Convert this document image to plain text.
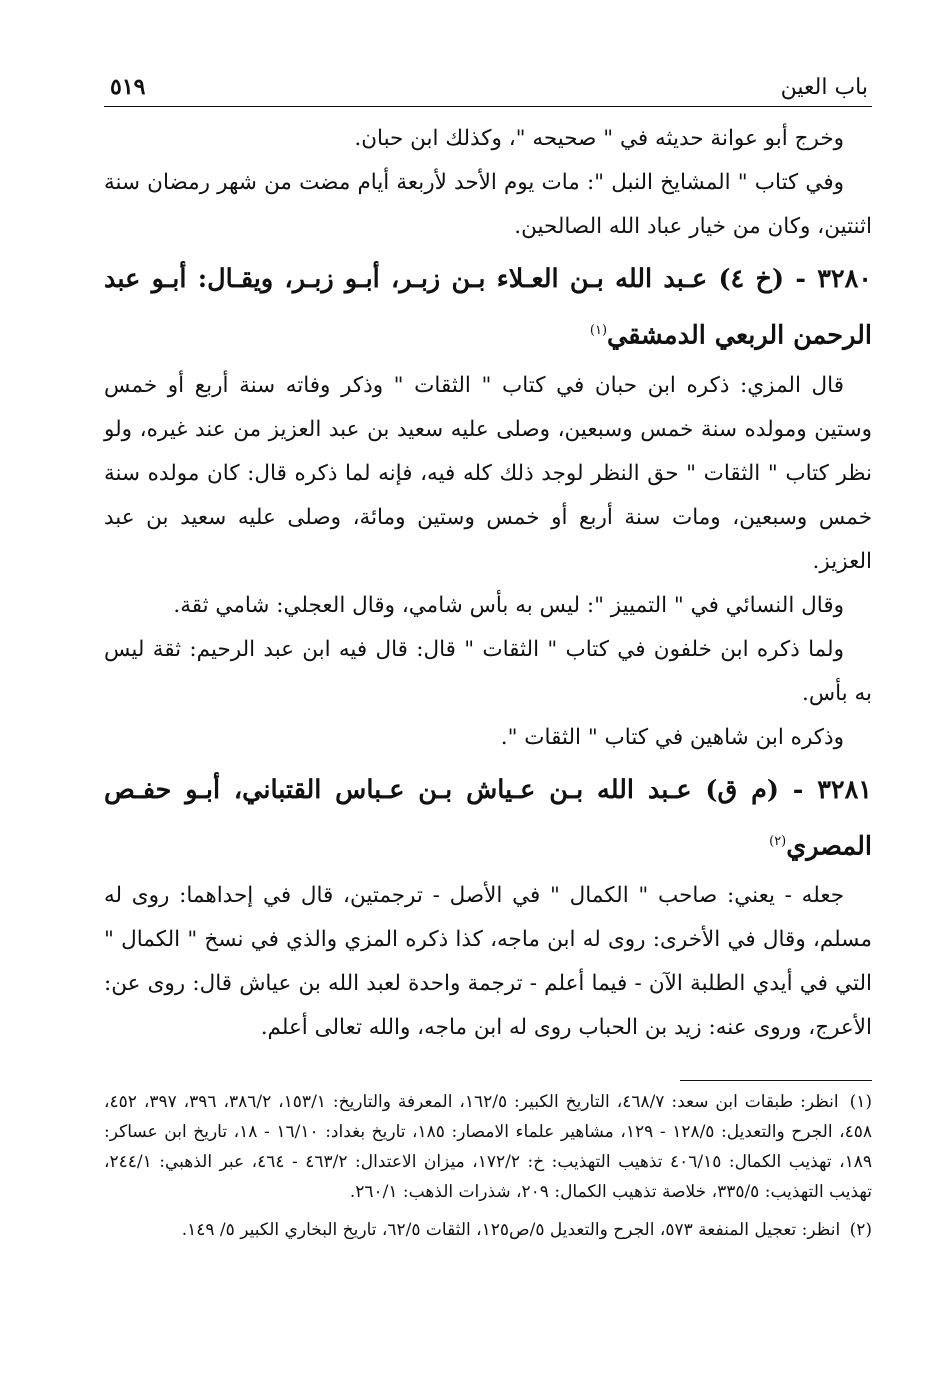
باب العين
٥١٩

وخرج أبو عوانة حديثه في " صحيحه "، وكذلك ابن حبان.

وفي كتاب " المشايخ النبل ": مات يوم الأحد لأربعة أيام مضت من شهر رمضان سنة اثنتين، وكان من خيار عباد الله الصالحين.

٣٢٨٠ - (خ ٤) عـبد الله بـن العـلاء بـن زبـر، أبـو زبـر، ويقـال: أبـو عبد الرحمن الربعي الدمشقي$^{(١)}$

قال المزي: ذكره ابن حبان في كتاب " الثقات " وذكر وفاته سنة أربع أو خمس وستين ومولده سنة خمس وسبعين، وصلى عليه سعيد بن عبد العزيز من عند غيره، ولو نظر كتاب " الثقات " حق النظر لوجد ذلك كله فيه، فإنه لما ذكره قال: كان مولده سنة خمس وسبعين، ومات سنة أربع أو خمس وستين ومائة، وصلى عليه سعيد بن عبد العزيز.

وقال النسائي في " التمييز ": ليس به بأس شامي، وقال العجلي: شامي ثقة.

ولما ذكره ابن خلفون في كتاب " الثقات " قال: قال فيه ابن عبد الرحيم: ثقة ليس به بأس.

وذكره ابن شاهين في كتاب " الثقات ".

٣٢٨١ - (م ق) عـبد الله بـن عـياش بـن عـباس القتباني، أبـو حفـص المصري$^{(٢)}$

جعله - يعني: صاحب " الكمال " في الأصل - ترجمتين، قال في إحداهما: روى له مسلم، وقال في الأخرى: روى له ابن ماجه، كذا ذكره المزي والذي في نسخ " الكمال " التي في أيدي الطلبة الآن - فيما أعلم - ترجمة واحدة لعبد الله بن عياش قال: روى عن: الأعرج، وروى عنه: زيد بن الحباب روى له ابن ماجه، والله تعالى أعلم.

(١) انظر: طبقات ابن سعد: ٤٦٨/٧، التاريخ الكبير: ١٦٢/٥، المعرفة والتاريخ: ١٥٣/١، ٣٨٦/٢، ٣٩٦، ٣٩٧، ٤٥٢، ٤٥٨، الجرح والتعديل: ١٢٨/٥ - ١٢٩، مشاهير علماء الامصار: ١٨٥، تاريخ بغداد: ١٦/١٠ - ١٨، تاريخ ابن عساكر: ١٨٩، تهذيب الكمال: ٤٠٦/١٥ تذهيب التهذيب: خ: ١٧٢/٢، ميزان الاعتدال: ٤٦٣/٢ - ٤٦٤، عبر الذهبي: ٢٤٤/١، تهذيب التهذيب: ٣٣٥/٥، خلاصة تذهيب الكمال: ٢٠٩، شذرات الذهب: ٢٦٠/١.

(٢) انظر: تعجيل المنفعة ٥٧٣، الجرح والتعديل ٥/ص١٢٥، الثقات ٦٢/٥، تاريخ البخاري الكبير ٥/ ١٤٩.
